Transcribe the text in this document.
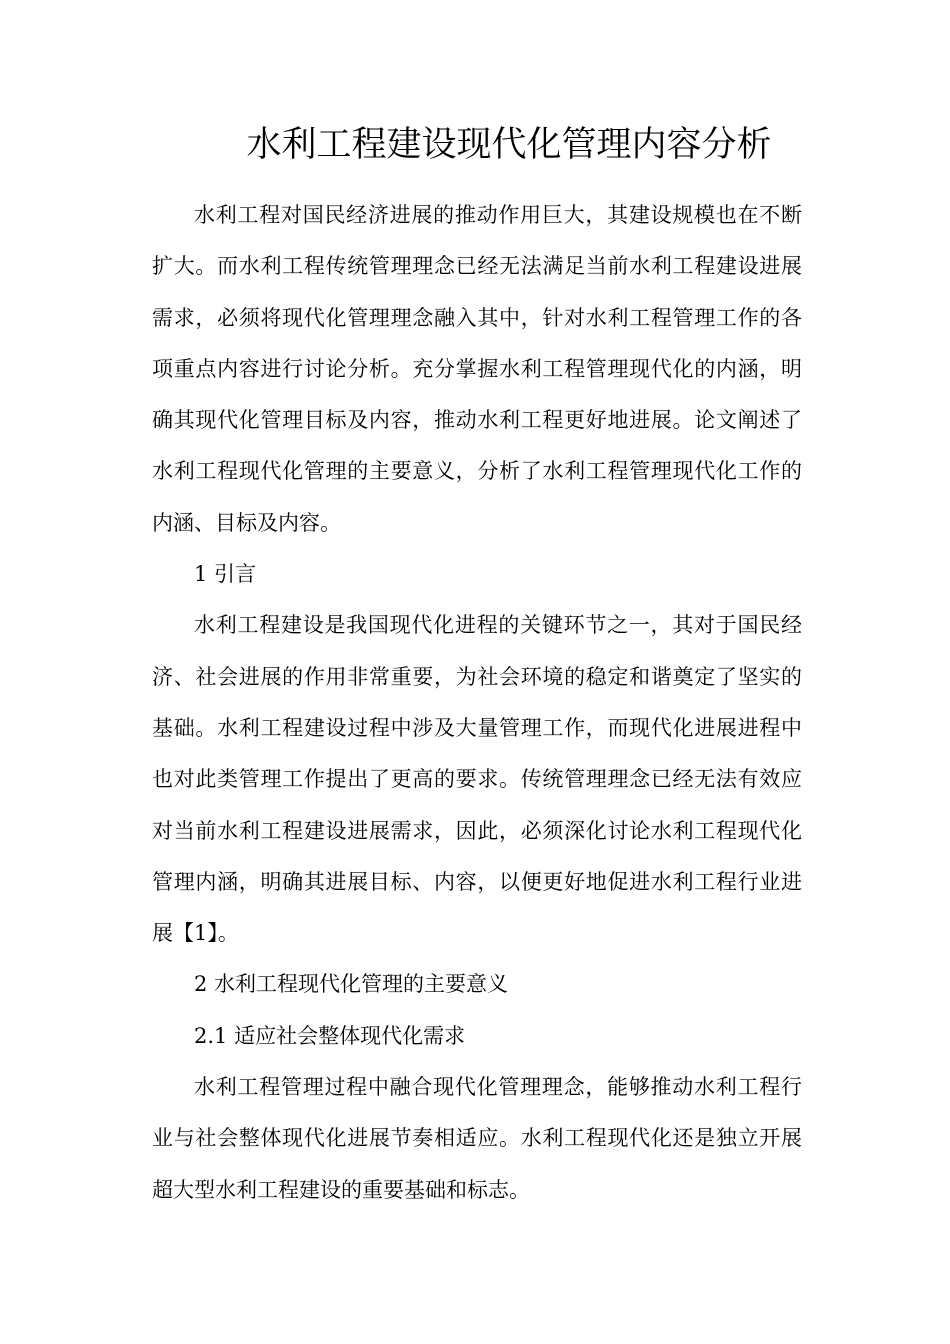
水利工程建设现代化管理内容分析

水利工程对国民经济进展的推动作用巨大，其建设规模也在不断扩大。而水利工程传统管理理念已经无法满足当前水利工程建设进展需求，必须将现代化管理理念融入其中，针对水利工程管理工作的各项重点内容进行讨论分析。充分掌握水利工程管理现代化的内涵，明确其现代化管理目标及内容，推动水利工程更好地进展。论文阐述了水利工程现代化管理的主要意义，分析了水利工程管理现代化工作的内涵、目标及内容。

1 引言

水利工程建设是我国现代化进程的关键环节之一，其对于国民经济、社会进展的作用非常重要，为社会环境的稳定和谐奠定了坚实的基础。水利工程建设过程中涉及大量管理工作，而现代化进展进程中也对此类管理工作提出了更高的要求。传统管理理念已经无法有效应对当前水利工程建设进展需求，因此，必须深化讨论水利工程现代化管理内涵，明确其进展目标、内容，以便更好地促进水利工程行业进展【1】。

2 水利工程现代化管理的主要意义

2.1 适应社会整体现代化需求

水利工程管理过程中融合现代化管理理念，能够推动水利工程行业与社会整体现代化进展节奏相适应。水利工程现代化还是独立开展超大型水利工程建设的重要基础和标志。
